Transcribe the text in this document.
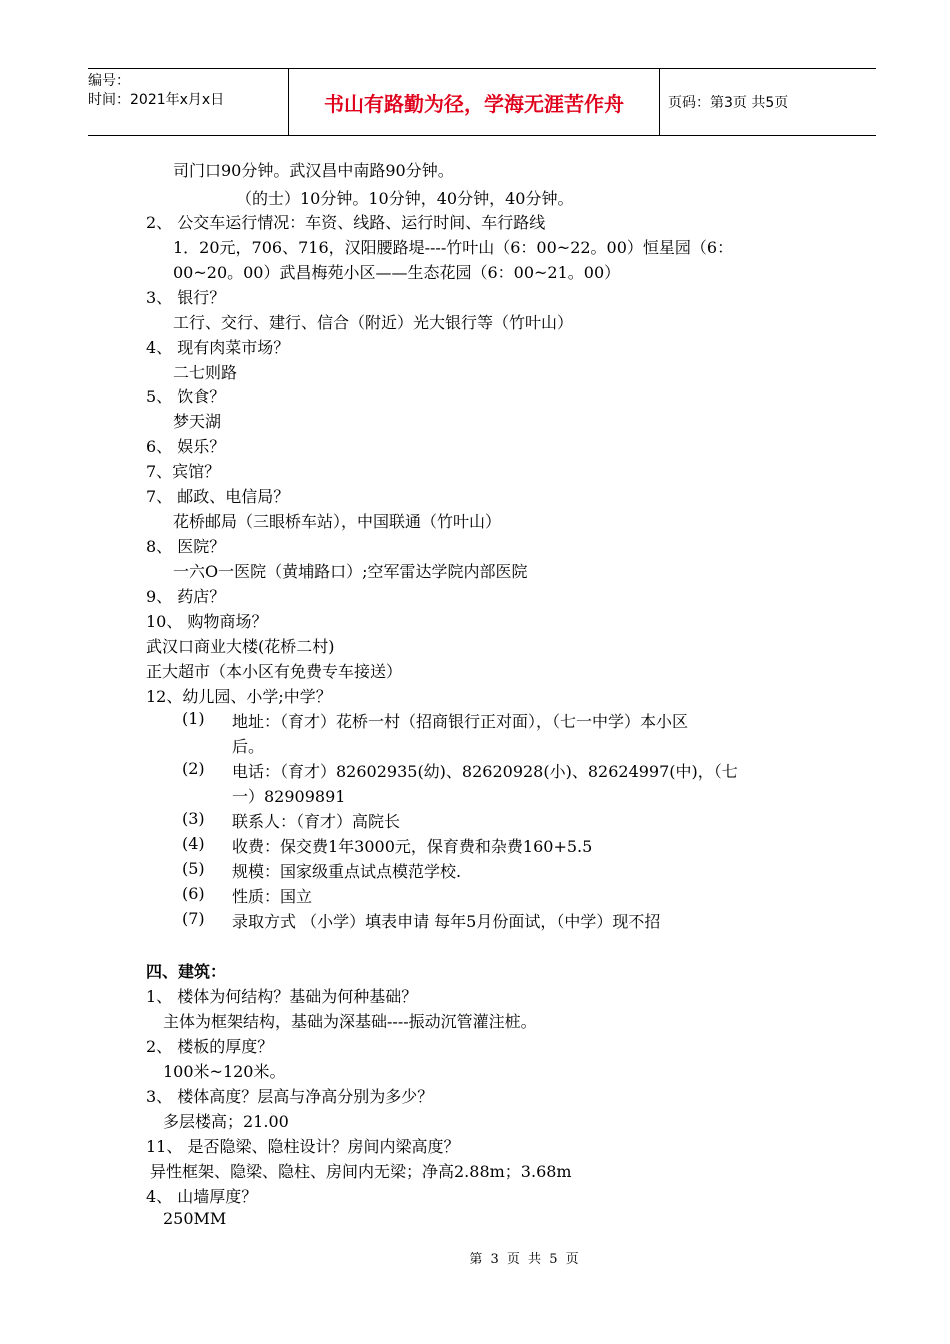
编号：
时间：2021年x月x日	书山有路勤为径，学海无涯苦作舟	页码：第3页 共5页
司门口90分钟。武汉昌中南路90分钟。
（的士）10分钟。10分钟，40分钟，40分钟。
2、 公交车运行情况：车资、线路、运行时间、车行路线
1．20元，706、716，汉阳腰路堤----竹叶山（6：00~22。00）恒星园（6：
00~20。00）武昌梅苑小区——生态花园（6：00~21。00）
3、 银行？
工行、交行、建行、信合（附近）光大银行等（竹叶山）
4、 现有肉菜市场？
二七则路
5、 饮食？
梦天湖
6、 娱乐？
7、宾馆？
7、 邮政、电信局？
花桥邮局（三眼桥车站），中国联通（竹叶山）
8、 医院？
一六O一医院（黄埔路口）;空军雷达学院内部医院
9、 药店？
10、 购物商场？
武汉口商业大楼(花桥二村)
正大超市（本小区有免费专车接送）
12、幼儿园、小学;中学？
(1) 地址：（育才）花桥一村（招商银行正对面），（七一中学）本小区
后。
(2) 电话：（育才）82602935(幼)、82620928(小)、82624997(中)，（七
一）82909891
(3) 联系人：（育才）高院长
(4) 收费：保交费1年3000元，保育费和杂费160+5.5
(5) 规模：国家级重点试点模范学校.
(6) 性质：国立
(7) 录取方式 （小学）填表申请 每年5月份面试，（中学）现不招
四、建筑：
1、 楼体为何结构？基础为何种基础？
主体为框架结构，基础为深基础----振动沉管灌注桩。
2、 楼板的厚度？
100米~120米。
3、 楼体高度？层高与净高分别为多少？
多层楼高；21.00
11、 是否隐梁、隐柱设计？房间内梁高度？
异性框架、隐梁、隐柱、房间内无梁；净高2.88m；3.68m
4、 山墙厚度？
250MM
第 3 页 共 5 页
